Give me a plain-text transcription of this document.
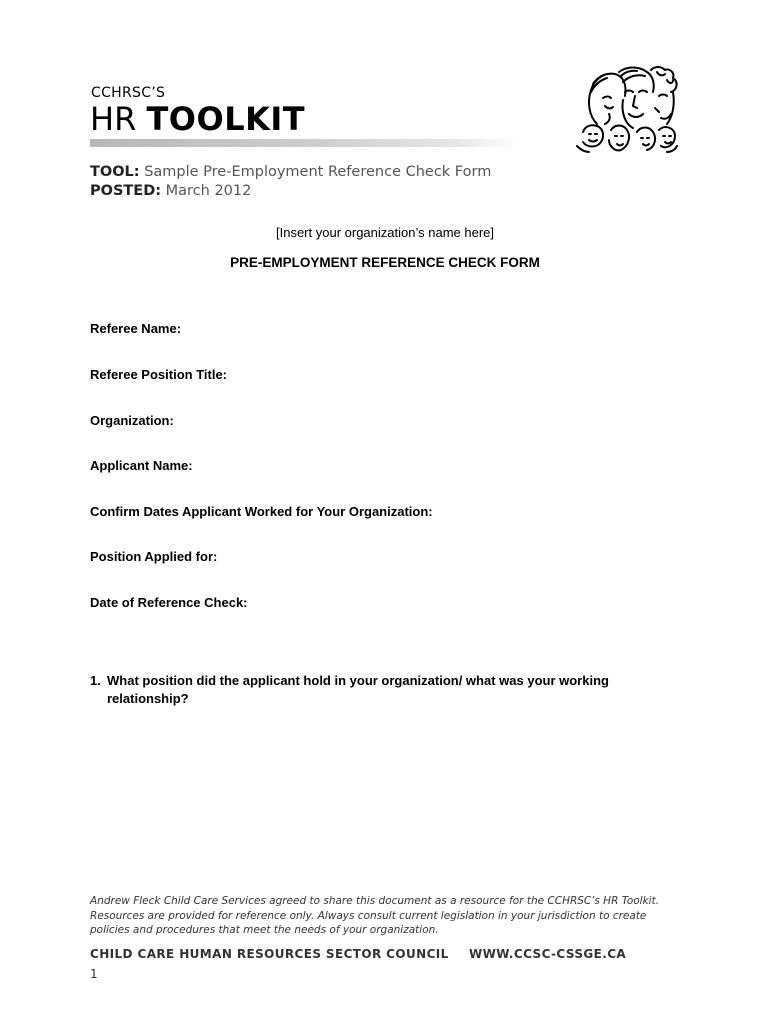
CCHRSC’S
HR TOOLKIT
TOOL: Sample Pre-Employment Reference Check Form
POSTED: March 2012
[Insert your organization’s name here]
PRE-EMPLOYMENT REFERENCE CHECK FORM
Referee Name:
Referee Position Title:
Organization:
Applicant Name:
Confirm Dates Applicant Worked for Your Organization:
Position Applied for:
Date of Reference Check:
1. What position did the applicant hold in your organization/ what was your working relationship?
Andrew Fleck Child Care Services agreed to share this document as a resource for the CCHRSC’s HR Toolkit. Resources are provided for reference only. Always consult current legislation in your jurisdiction to create policies and procedures that meet the needs of your organization.
CHILD CARE HUMAN RESOURCES SECTOR COUNCIL WWW.CCSC-CSSGE.CA
1
